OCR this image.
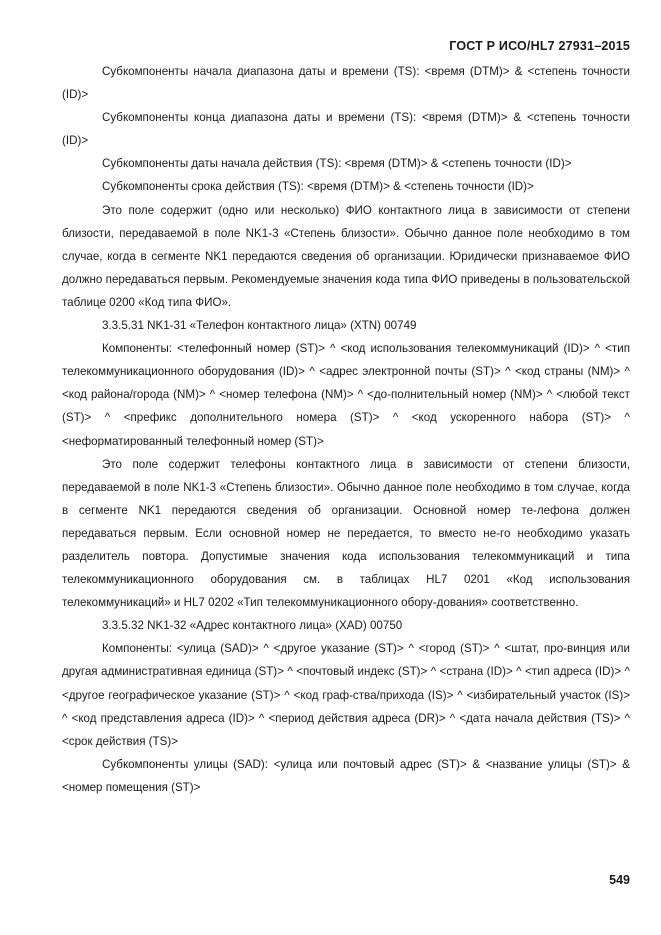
ГОСТ Р ИСО/HL7 27931–2015

Субкомпоненты начала диапазона даты и времени (TS): <время (DTM)> & <степень точности (ID)>

Субкомпоненты конца диапазона даты и времени (TS): <время (DTM)> & <степень точности (ID)>

Субкомпоненты даты начала действия (TS): <время (DTM)> & <степень точности (ID)>

Субкомпоненты срока действия (TS): <время (DTM)> & <степень точности (ID)>

Это поле содержит (одно или несколько) ФИО контактного лица в зависимости от степени близости, передаваемой в поле NK1-3 «Степень близости». Обычно данное поле необходимо в том случае, когда в сегменте NK1 передаются сведения об организации. Юридически признаваемое ФИО должно передаваться первым. Рекомендуемые значения кода типа ФИО приведены в пользовательской таблице 0200 «Код типа ФИО».

3.3.5.31 NK1-31 «Телефон контактного лица» (XTN) 00749

Компоненты: <телефонный номер (ST)> ^ <код использования телекоммуникаций (ID)> ^ <тип телекоммуникационного оборудования (ID)> ^ <адрес электронной почты (ST)> ^ <код страны (NM)> ^ <код района/города (NM)> ^ <номер телефона (NM)> ^ <до-полнительный номер (NM)> ^ <любой текст (ST)> ^ <префикс дополнительного номера (ST)> ^ <код ускоренного набора (ST)> ^ <неформатированный телефонный номер (ST)>

Это поле содержит телефоны контактного лица в зависимости от степени близости, передаваемой в поле NK1-3 «Степень близости». Обычно данное поле необходимо в том случае, когда в сегменте NK1 передаются сведения об организации. Основной номер те-лефона должен передаваться первым. Если основной номер не передается, то вместо не-го необходимо указать разделитель повтора. Допустимые значения кода использования телекоммуникаций и типа телекоммуникационного оборудования см. в таблицах HL7 0201 «Код использования телекоммуникаций» и HL7 0202 «Тип телекоммуникационного обору-дования» соответственно.

3.3.5.32 NK1-32 «Адрес контактного лица» (XAD) 00750

Компоненты: <улица (SAD)> ^ <другое указание (ST)> ^ <город (ST)> ^ <штат, про-винция или другая административная единица (ST)> ^ <почтовый индекс (ST)> ^ <страна (ID)> ^ <тип адреса (ID)> ^ <другое географическое указание (ST)> ^ <код граф-ства/прихода (IS)> ^ <избирательный участок (IS)> ^ <код представления адреса (ID)> ^ <период действия адреса (DR)> ^ <дата начала действия (TS)> ^ <срок действия (TS)>

Субкомпоненты улицы (SAD): <улица или почтовый адрес (ST)> & <название улицы (ST)> & <номер помещения (ST)>

549
